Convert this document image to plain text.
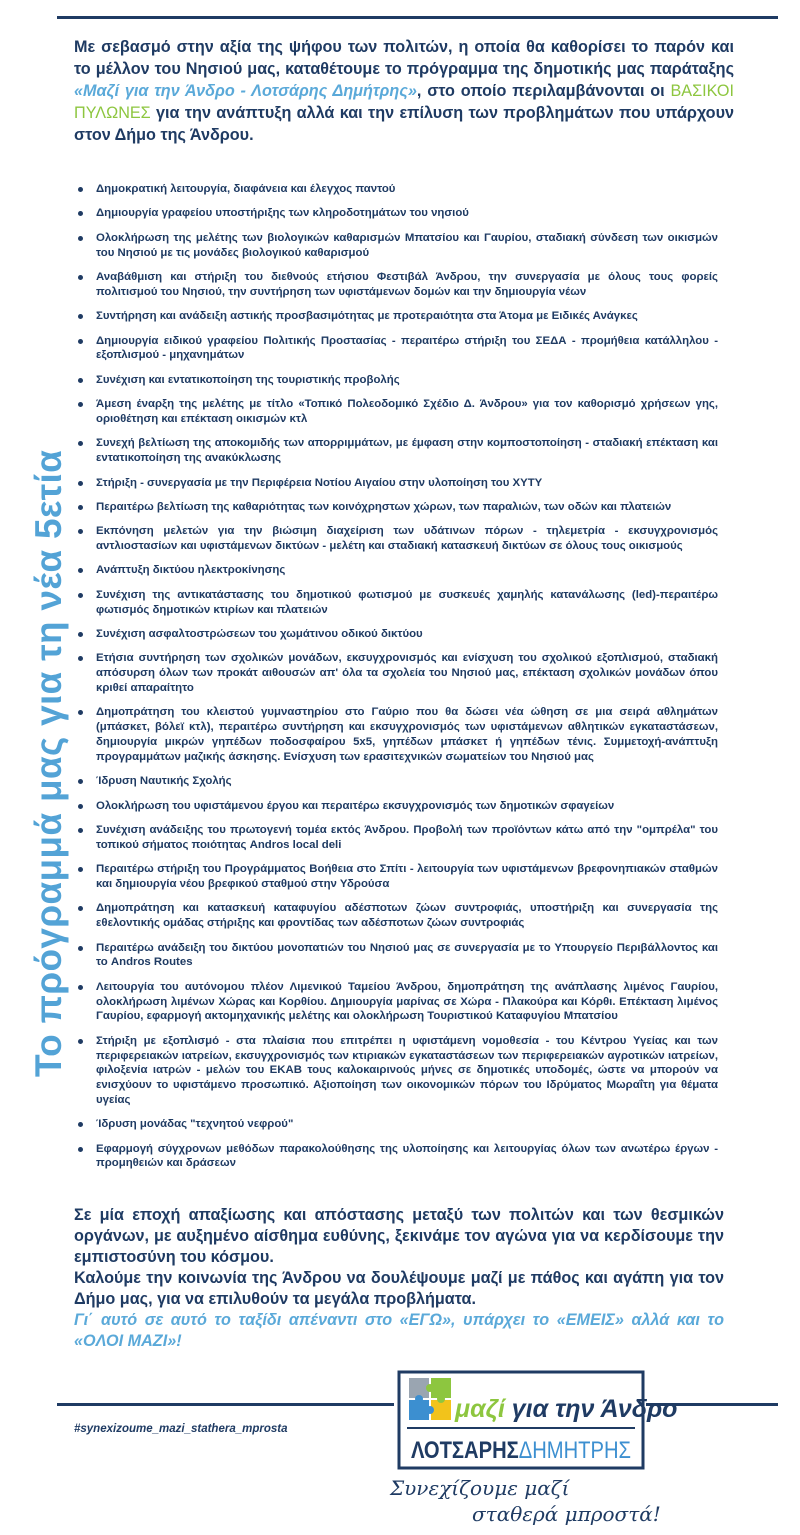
Το πρόγραμμά μας για τη νέα 5ετία
Με σεβασμό στην αξία της ψήφου των πολιτών, η οποία θα καθορίσει το παρόν και το μέλλον του Νησιού μας, καταθέτουμε το πρόγραμμα της δημοτικής μας παράταξης «Μαζί για την Άνδρο - Λοτσάρης Δημήτρης», στο οποίο περιλαμβάνονται οι ΒΑΣΙΚΟΙ ΠΥΛΩΝΕΣ για την ανάπτυξη αλλά και την επίλυση των προβλημάτων που υπάρχουν στον Δήμο της Άνδρου.
Δημοκρατική λειτουργία, διαφάνεια και έλεγχος παντού
Δημιουργία γραφείου υποστήριξης των κληροδοτημάτων του νησιού
Ολοκλήρωση της μελέτης των βιολογικών καθαρισμών Μπατσίου και Γαυρίου, σταδιακή σύνδεση των οικισμών του Νησιού με τις μονάδες βιολογικού καθαρισμού
Αναβάθμιση και στήριξη του διεθνούς ετήσιου Φεστιβάλ Άνδρου, την συνεργασία με όλους τους φορείς πολιτισμού του Νησιού, την συντήρηση των υφιστάμενων δομών και την δημιουργία νέων
Συντήρηση και ανάδειξη αστικής προσβασιμότητας με προτεραιότητα στα Άτομα με Ειδικές Ανάγκες
Δημιουργία ειδικού γραφείου Πολιτικής Προστασίας - περαιτέρω στήριξη του ΣΕΔΑ - προμήθεια κατάλληλου - εξοπλισμού - μηχανημάτων
Συνέχιση και εντατικοποίηση της τουριστικής προβολής
Άμεση έναρξη της μελέτης με τίτλο «Τοπικό Πολεοδομικό Σχέδιο Δ. Άνδρου» για τον καθορισμό χρήσεων γης, οριοθέτηση και επέκταση οικισμών κτλ
Συνεχή βελτίωση της αποκομιδής των απορριμμάτων, με έμφαση στην κομποστοποίηση - σταδιακή επέκταση και εντατικοποίηση της ανακύκλωσης
Στήριξη - συνεργασία με την Περιφέρεια Νοτίου Αιγαίου στην υλοποίηση του ΧΥΤΥ
Περαιτέρω βελτίωση της καθαριότητας των κοινόχρηστων χώρων, των παραλιών, των οδών και πλατειών
Εκπόνηση μελετών για την βιώσιμη διαχείριση των υδάτινων πόρων - τηλεμετρία - εκσυγχρονισμός αντλιοστασίων και υφιστάμενων δικτύων - μελέτη και σταδιακή κατασκευή δικτύων σε όλους τους οικισμούς
Ανάπτυξη δικτύου ηλεκτροκίνησης
Συνέχιση της αντικατάστασης του δημοτικού φωτισμού με συσκευές χαμηλής κατανάλωσης (led)-περαιτέρω φωτισμός δημοτικών κτιρίων και πλατειών
Συνέχιση ασφαλτοστρώσεων του χωμάτινου οδικού δικτύου
Ετήσια συντήρηση των σχολικών μονάδων, εκσυγχρονισμός και ενίσχυση του σχολικού εξοπλισμού, σταδιακή απόσυρση όλων των προκάτ αιθουσών απ' όλα τα σχολεία του Νησιού μας, επέκταση σχολικών μονάδων όπου κριθεί απαραίτητο
Δημοπράτηση του κλειστού γυμναστηρίου στο Γαύριο που θα δώσει νέα ώθηση σε μια σειρά αθλημάτων (μπάσκετ, βόλεϊ κτλ), περαιτέρω συντήρηση και εκσυγχρονισμός των υφιστάμενων αθλητικών εγκαταστάσεων, δημιουργία μικρών γηπέδων ποδοσφαίρου 5x5, γηπέδων μπάσκετ ή γηπέδων τένις. Συμμετοχή-ανάπτυξη προγραμμάτων μαζικής άσκησης. Ενίσχυση των ερασιτεχνικών σωματείων του Νησιού μας
Ίδρυση Ναυτικής Σχολής
Ολοκλήρωση του υφιστάμενου έργου και περαιτέρω εκσυγχρονισμός των δημοτικών σφαγείων
Συνέχιση ανάδειξης του πρωτογενή τομέα εκτός Άνδρου. Προβολή των προϊόντων κάτω από την "ομπρέλα" του τοπικού σήματος ποιότητας Andros local deli
Περαιτέρω στήριξη του Προγράμματος Βοήθεια στο Σπίτι - λειτουργία των υφιστάμενων βρεφονηπιακών σταθμών και δημιουργία νέου βρεφικού σταθμού στην Υδρούσα
Δημοπράτηση και κατασκευή καταφυγίου αδέσποτων ζώων συντροφιάς, υποστήριξη και συνεργασία της εθελοντικής ομάδας στήριξης και φροντίδας των αδέσποτων ζώων συντροφιάς
Περαιτέρω ανάδειξη του δικτύου μονοπατιών του Νησιού μας σε συνεργασία με το Υπουργείο Περιβάλλοντος και το Andros Routes
Λειτουργία του αυτόνομου πλέον Λιμενικού Ταμείου Άνδρου, δημοπράτηση της ανάπλασης λιμένος Γαυρίου, ολοκλήρωση λιμένων Χώρας και Κορθίου. Δημιουργία μαρίνας σε Χώρα - Πλακούρα και Κόρθι. Επέκταση λιμένος Γαυρίου, εφαρμογή ακτομηχανικής μελέτης και ολοκλήρωση Τουριστικού Καταφυγίου Μπατσίου
Στήριξη με εξοπλισμό - στα πλαίσια που επιτρέπει η υφιστάμενη νομοθεσία - του Κέντρου Υγείας και των περιφερειακών ιατρείων, εκσυγχρονισμός των κτιριακών εγκαταστάσεων των περιφερειακών αγροτικών ιατρείων, φιλοξενία ιατρών - μελών του ΕΚΑΒ τους καλοκαιρινούς μήνες σε δημοτικές υποδομές, ώστε να μπορούν να ενισχύουν το υφιστάμενο προσωπικό. Αξιοποίηση των οικονομικών πόρων του Ιδρύματος Μωραΐτη για θέματα υγείας
Ίδρυση μονάδας "τεχνητού νεφρού"
Εφαρμογή σύγχρονων μεθόδων παρακολούθησης της υλοποίησης και λειτουργίας όλων των ανωτέρω έργων - προμηθειών και δράσεων

Σε μία εποχή απαξίωσης και απόστασης μεταξύ των πολιτών και των θεσμικών οργάνων, με αυξημένο αίσθημα ευθύνης, ξεκινάμε τον αγώνα για να κερδίσουμε την εμπιστοσύνη του κόσμου.

Καλούμε την κοινωνία της Άνδρου να δουλέψουμε μαζί με πάθος και αγάπη για τον Δήμο μας, για να επιλυθούν τα μεγάλα προβλήματα.

Γι΄ αυτό σε αυτό το ταξίδι απέναντι στο «ΕΓΩ», υπάρχει το «ΕΜΕΙΣ» αλλά και το «ΟΛΟΙ ΜΑΖΙ»!

#synexizoume_mazi_stathera_mprosta
μαζί για την Άνδρο
ΛΟΤΣΑΡΗΣΔΗΜΗΤΡΗΣ
Συνεχίζουμε μαζί
σταθερά μπροστά!
